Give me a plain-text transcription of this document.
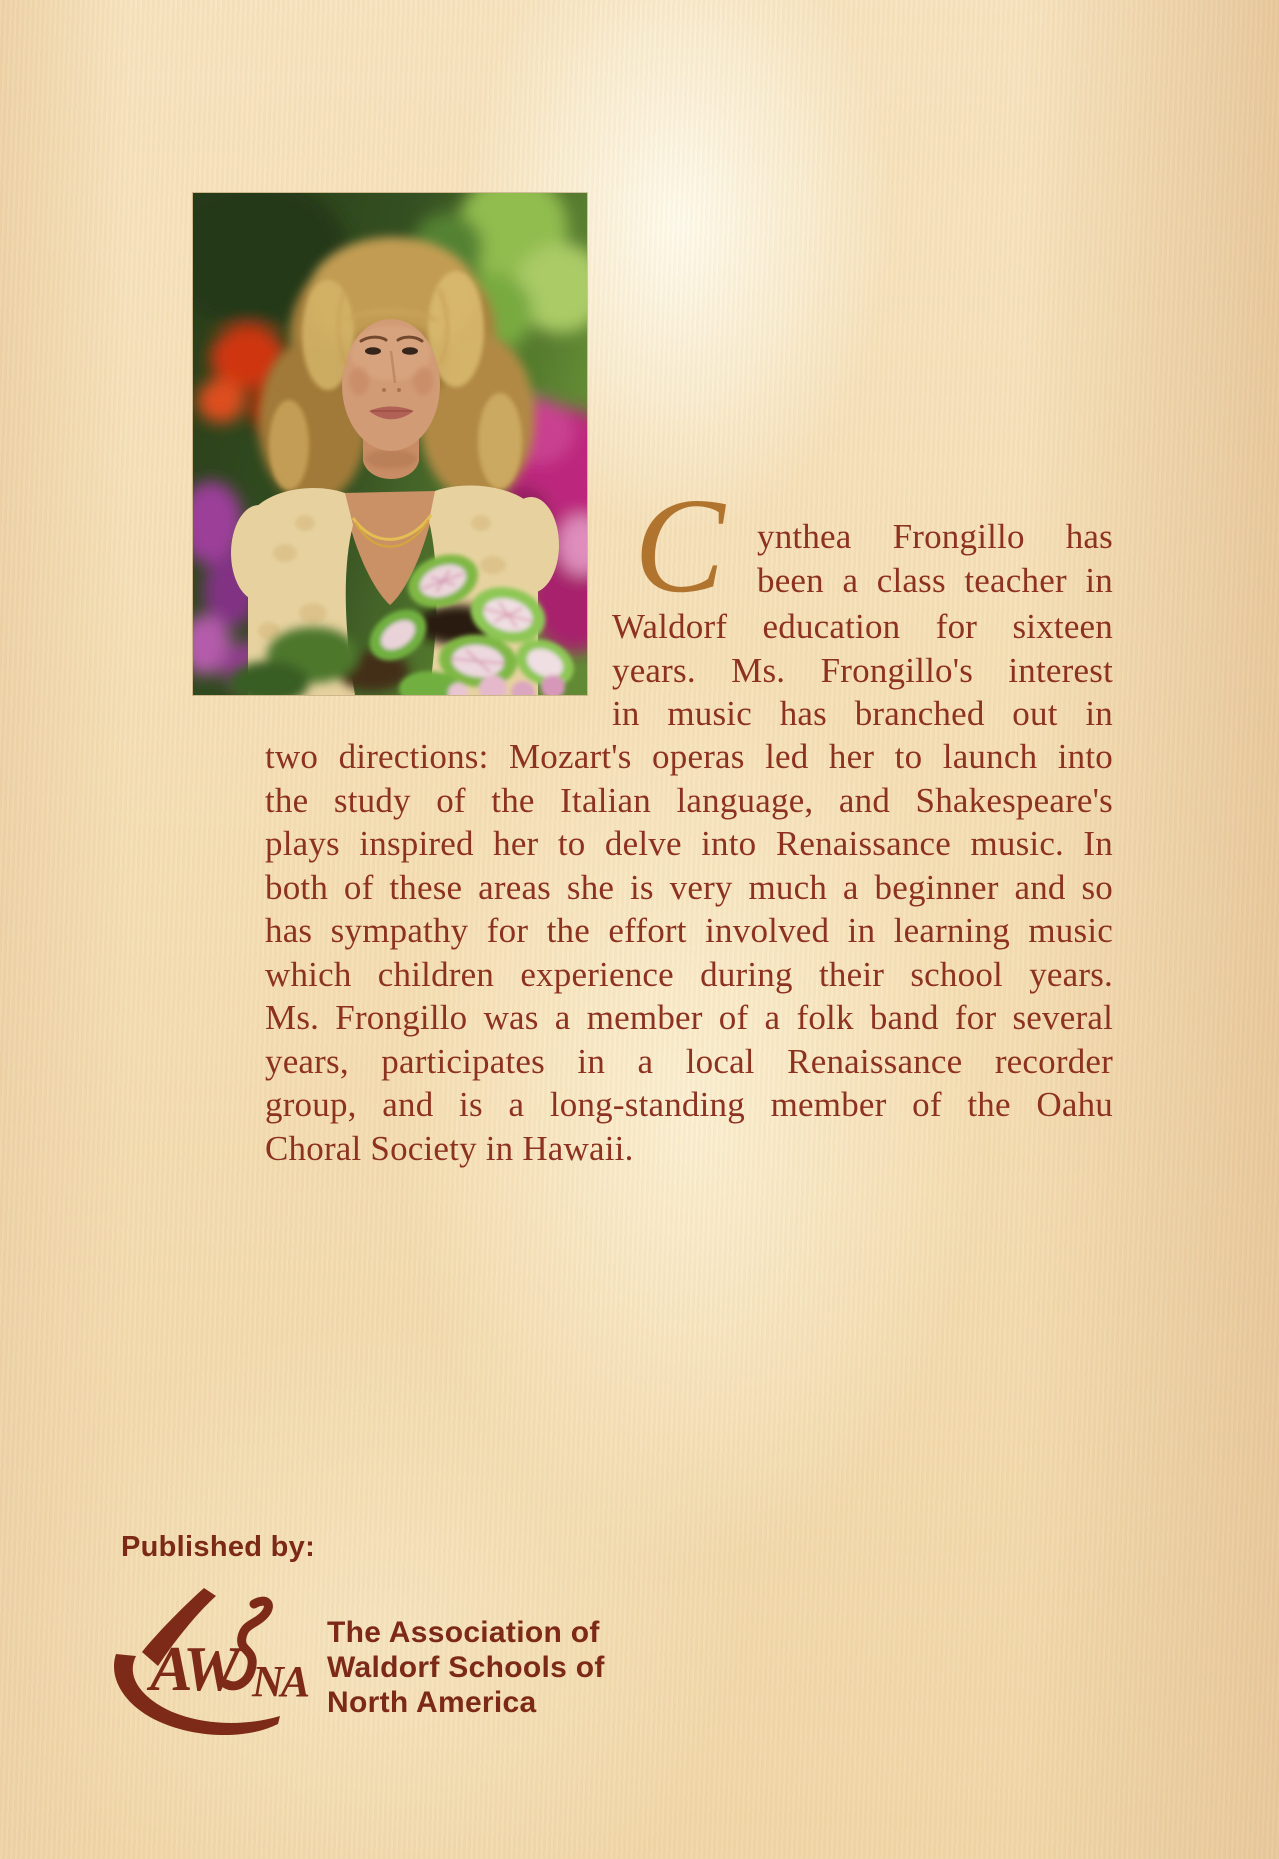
C ynthea Frongillo has
been a class teacher in
Waldorf education for sixteen
years. Ms. Frongillo's interest
in music has branched out in
two directions: Mozart's operas led her to launch into
the study of the Italian language, and Shakespeare's
plays inspired her to delve into Renaissance music. In
both of these areas she is very much a beginner and so
has sympathy for the effort involved in learning music
which children experience during their school years.
Ms. Frongillo was a member of a folk band for several
years, participates in a local Renaissance recorder
group, and is a long-standing member of the Oahu
Choral Society in Hawaii.
Published by:
AW NA
The Association of
Waldorf Schools of
North America
